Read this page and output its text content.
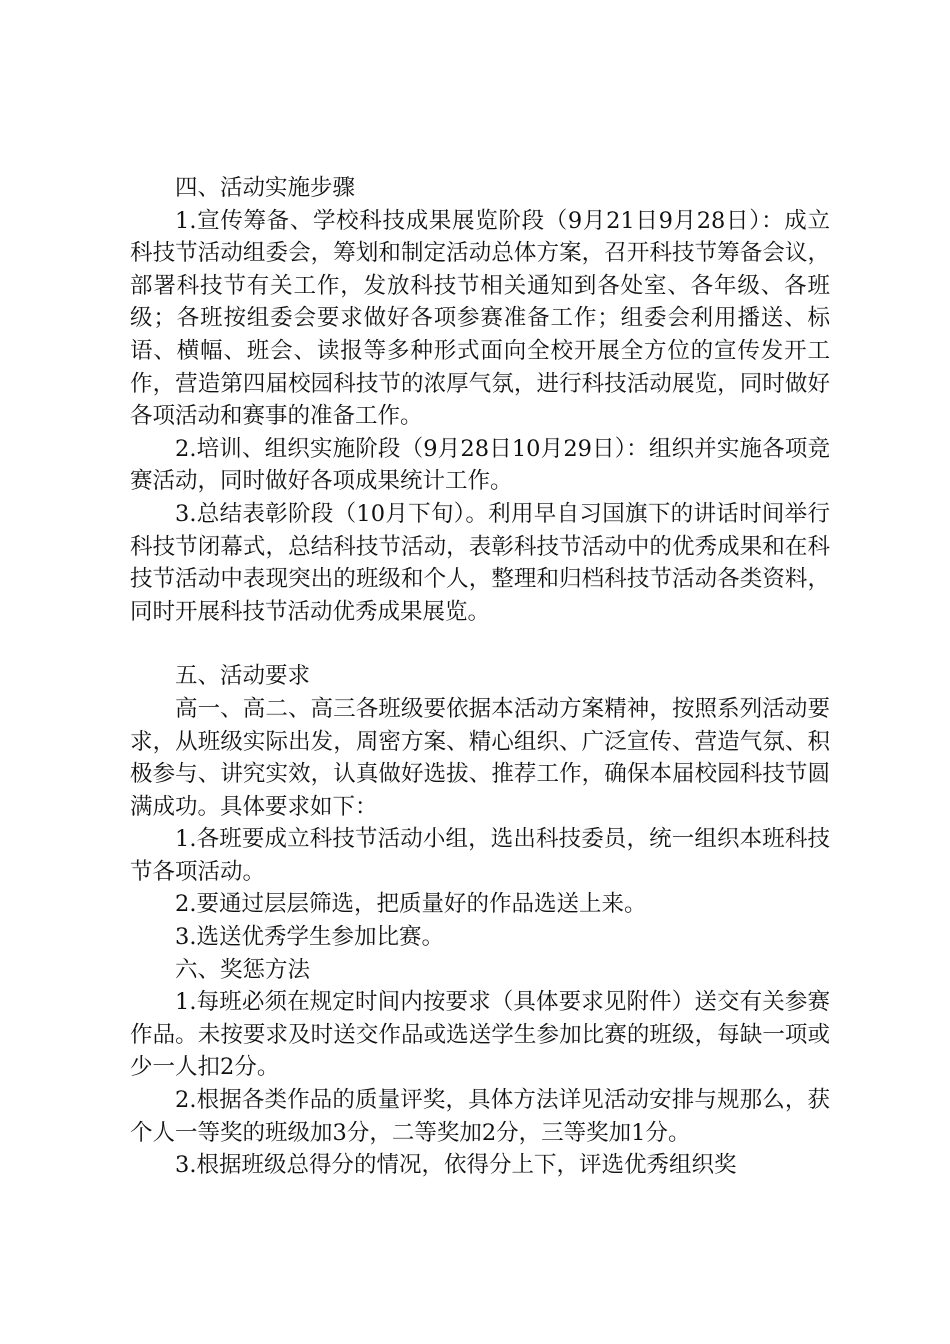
四、活动实施步骤

1.宣传筹备、学校科技成果展览阶段（9月21日9月28日）：成立科技节活动组委会，筹划和制定活动总体方案，召开科技节筹备会议，部署科技节有关工作，发放科技节相关通知到各处室、各年级、各班级；各班按组委会要求做好各项参赛准备工作；组委会利用播送、标语、横幅、班会、读报等多种形式面向全校开展全方位的宣传发开工作，营造第四届校园科技节的浓厚气氛，进行科技活动展览，同时做好各项活动和赛事的准备工作。

2.培训、组织实施阶段（9月28日10月29日）：组织并实施各项竞赛活动，同时做好各项成果统计工作。

3.总结表彰阶段（10月下旬）。利用早自习国旗下的讲话时间举行科技节闭幕式，总结科技节活动，表彰科技节活动中的优秀成果和在科技节活动中表现突出的班级和个人，整理和归档科技节活动各类资料，同时开展科技节活动优秀成果展览。

五、活动要求

高一、高二、高三各班级要依据本活动方案精神，按照系列活动要求，从班级实际出发，周密方案、精心组织、广泛宣传、营造气氛、积极参与、讲究实效，认真做好选拔、推荐工作，确保本届校园科技节圆满成功。具体要求如下：

1.各班要成立科技节活动小组，选出科技委员，统一组织本班科技节各项活动。

2.要通过层层筛选，把质量好的作品选送上来。

3.选送优秀学生参加比赛。

六、奖惩方法

1.每班必须在规定时间内按要求（具体要求见附件）送交有关参赛作品。未按要求及时送交作品或选送学生参加比赛的班级，每缺一项或少一人扣2分。

2.根据各类作品的质量评奖，具体方法详见活动安排与规那么，获个人一等奖的班级加3分，二等奖加2分，三等奖加1分。

3.根据班级总得分的情况，依得分上下，评选优秀组织奖
